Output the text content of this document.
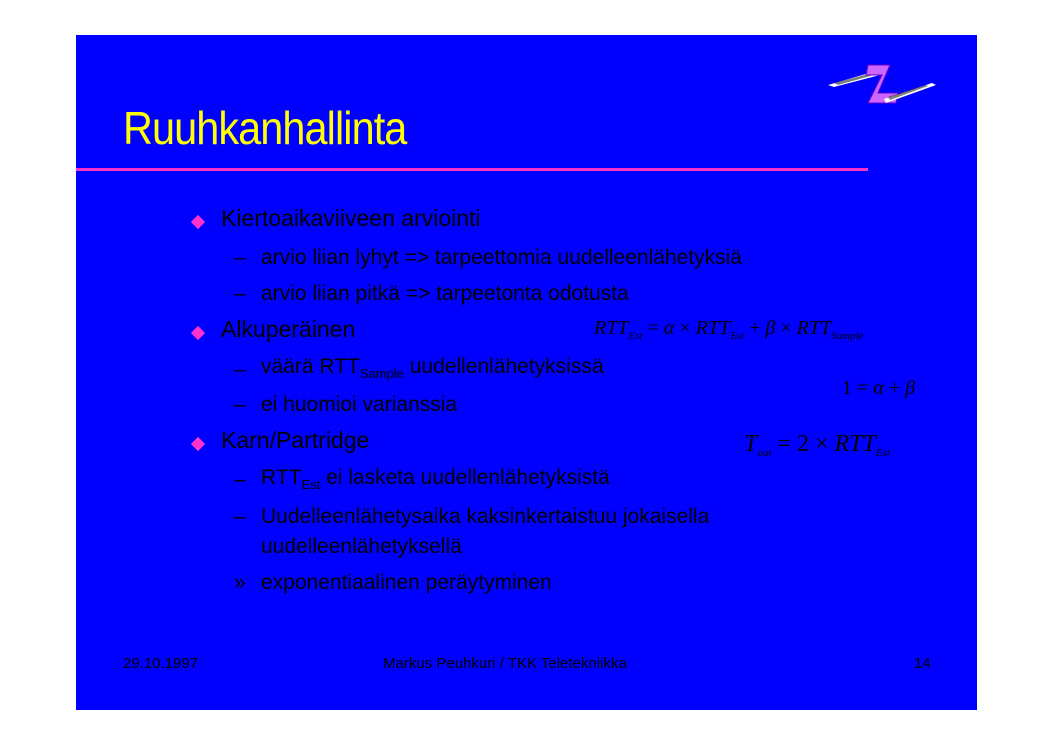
Ruuhkanhallinta
Kiertoaikaviiveen arviointi
– arvio liian lyhyt => tarpeettomia uudelleenlähetyksiä
– arvio liian pitkä => tarpeetonta odotusta
Alkuperäinen
– väärä $RTT_{Sample}$ uudellenlähetyksissä
– ei huomioi varianssia
Karn/Partridge
– $RTT_{Est}$ ei lasketa uudellenlähetyksistä
– Uudelleenlähetysaika kaksinkertaistuu jokaisella
uudelleenlähetyksellä
» exponentiaalinen peräytyminen
$RTT_{Est} = \alpha \times RTT_{Est} + \beta \times RTT_{Sample}$
1 = α + β
$T_{out} = 2 \times RTT_{Est}$
29.10.1997	Markus Peuhkuri / TKK Teletekniikka	14
